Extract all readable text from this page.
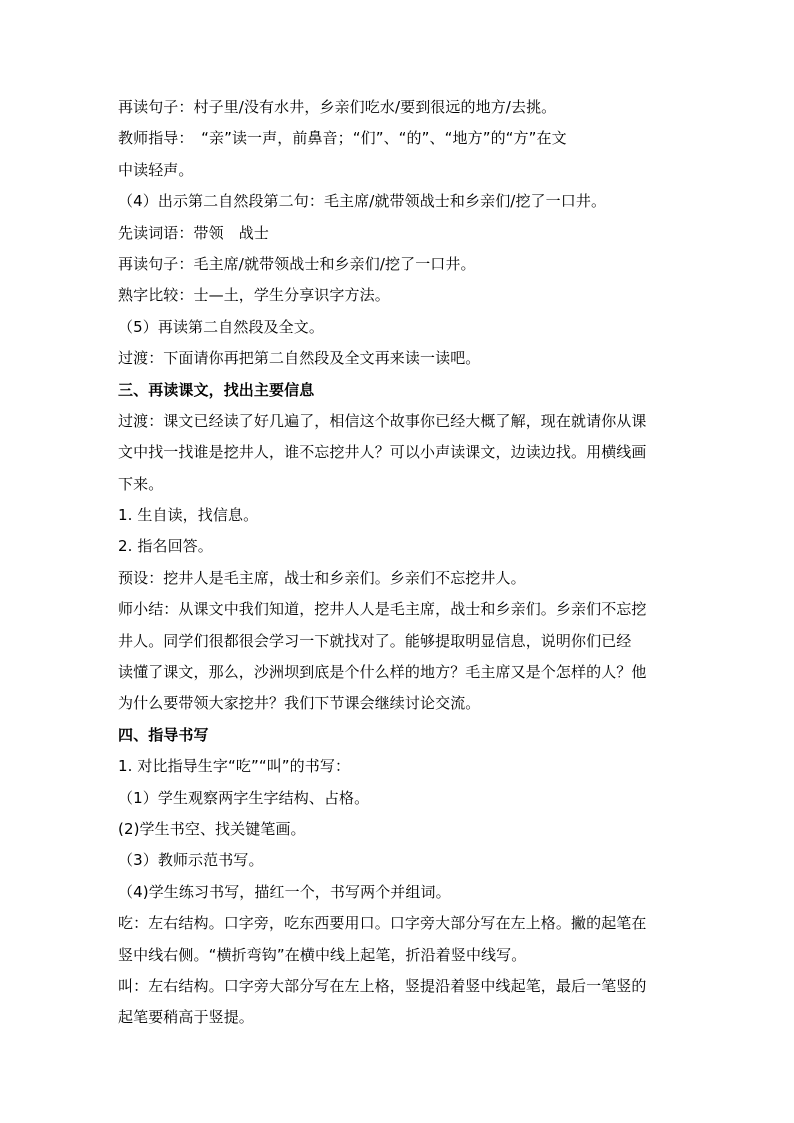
再读句子：村子里/没有水井，乡亲们吃水/要到很远的地方/去挑。
教师指导：　“亲”读一声，前鼻音；“们”、“的”、“地方”的“方”在文
中读轻声。
（4）出示第二自然段第二句：毛主席/就带领战士和乡亲们/挖了一口井。
先读词语：带领　战士
再读句子：毛主席/就带领战士和乡亲们/挖了一口井。
熟字比较：士—土，学生分享识字方法。
（5）再读第二自然段及全文。
过渡：下面请你再把第二自然段及全文再来读一读吧。
三、再读课文，找出主要信息
过渡：课文已经读了好几遍了，相信这个故事你已经大概了解，现在就请你从课
文中找一找谁是挖井人，谁不忘挖井人？可以小声读课文，边读边找。用横线画
下来。
1. 生自读，找信息。
2. 指名回答。
预设：挖井人是毛主席，战士和乡亲们。乡亲们不忘挖井人。
师小结：从课文中我们知道，挖井人人是毛主席，战士和乡亲们。乡亲们不忘挖
井人。同学们很都很会学习一下就找对了。能够提取明显信息，说明你们已经
读懂了课文，那么，沙洲坝到底是个什么样的地方？毛主席又是个怎样的人？他
为什么要带领大家挖井？我们下节课会继续讨论交流。
四、指导书写
1. 对比指导生字“吃”“叫”的书写：
（1）学生观察两字生字结构、占格。
(2)学生书空、找关键笔画。
（3）教师示范书写。
（4)学生练习书写，描红一个，书写两个并组词。
吃：左右结构。口字旁，吃东西要用口。口字旁大部分写在左上格。撇的起笔在
竖中线右侧。“横折弯钩”在横中线上起笔，折沿着竖中线写。
叫：左右结构。口字旁大部分写在左上格，竖提沿着竖中线起笔，最后一笔竖的
起笔要稍高于竖提。
